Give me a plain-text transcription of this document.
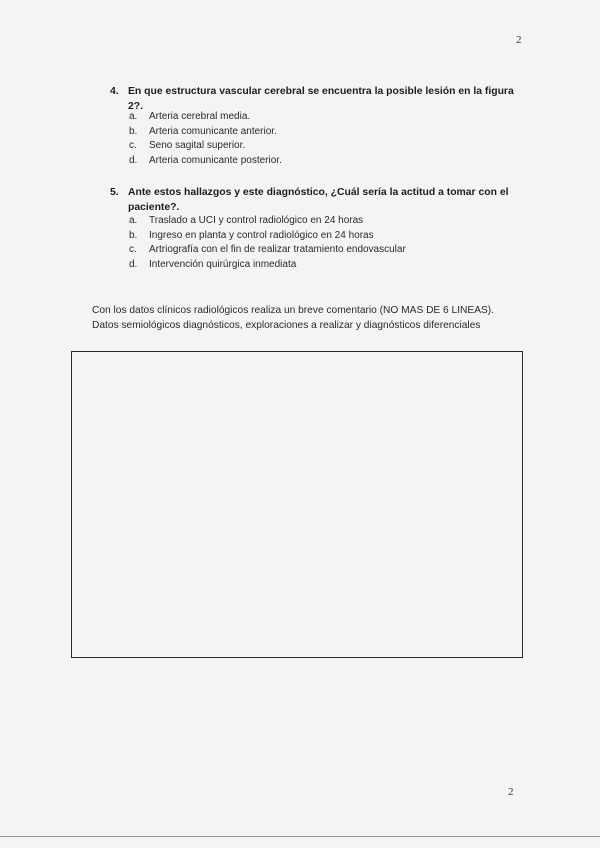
2
4. En que estructura vascular cerebral se encuentra la posible lesión en la figura 2?.
a. Arteria cerebral media.
b. Arteria comunicante anterior.
c. Seno sagital superior.
d. Arteria comunicante posterior.
5. Ante estos hallazgos y este diagnóstico, ¿Cuál sería la actitud a tomar con el paciente?.
a. Traslado a UCI y control radiológico en 24 horas
b. Ingreso en planta y control radiológico en 24 horas
c. Artriografía con el fin de realizar tratamiento endovascular
d. Intervención quirúrgica inmediata
Con los datos clínicos radiológicos realiza un breve comentario (NO MAS DE 6 LINEAS).
Datos semiológicos diagnósticos, exploraciones a realizar y diagnósticos diferenciales
2
